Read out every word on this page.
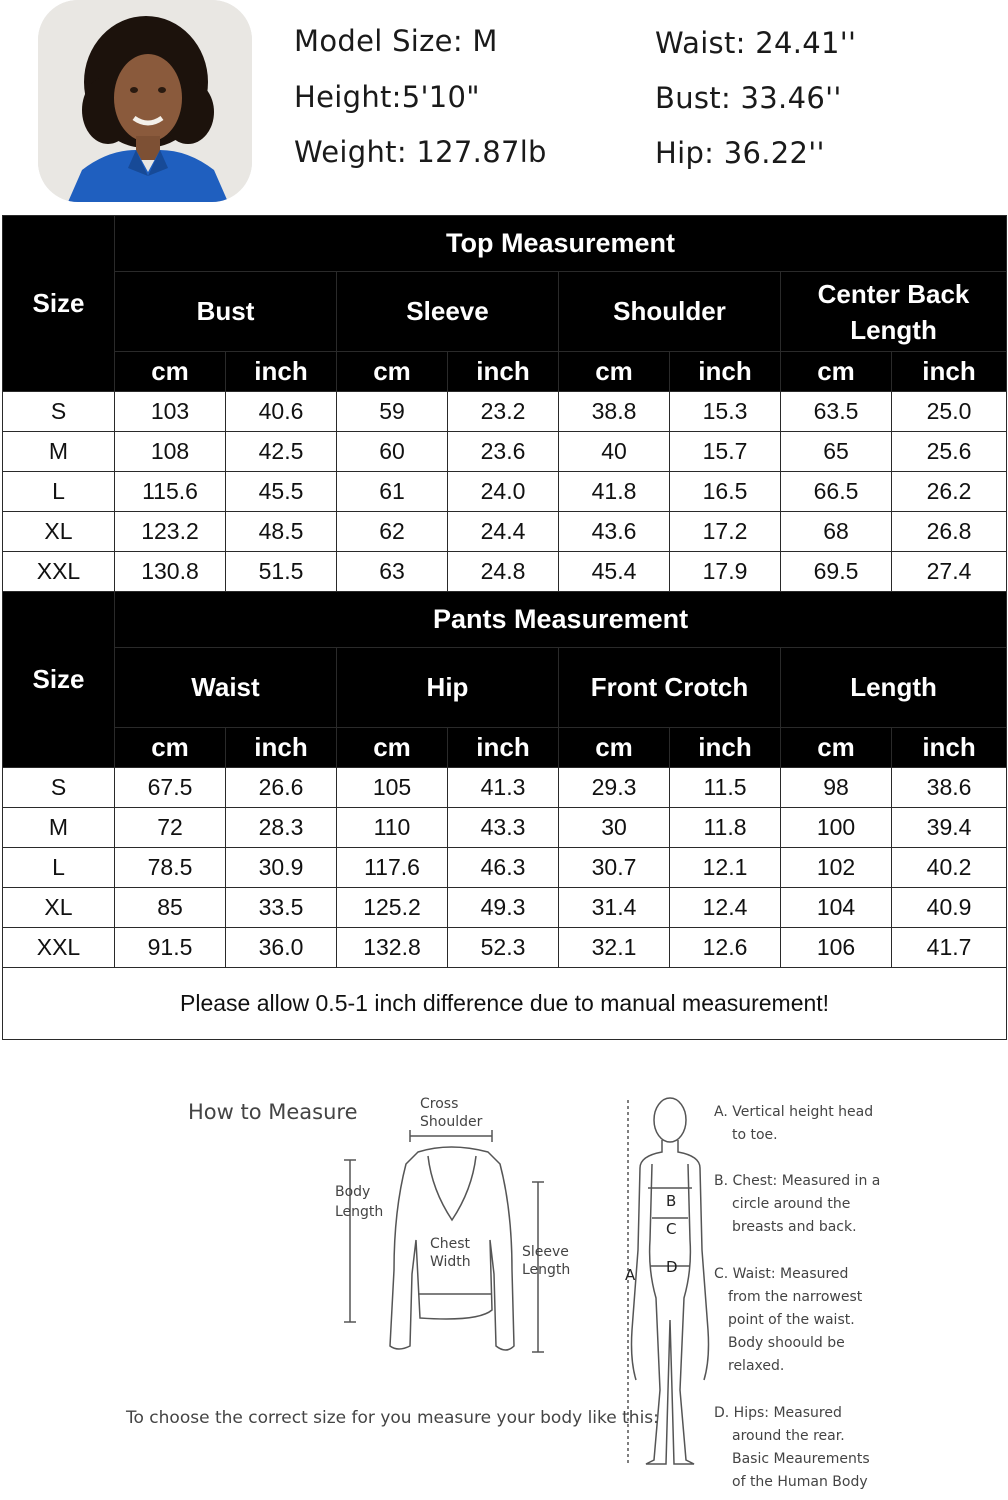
Model Size: M
Height:5'10"
Weight: 127.87lb
Waist: 24.41''
Bust: 33.46''
Hip: 36.22''
Size	Top Measurement							
	Bust		Sleeve		Shoulder		Center Back Length	
	cm	inch	cm	inch	cm	inch	cm	inch
S	103	40.6	59	23.2	38.8	15.3	63.5	25.0
M	108	42.5	60	23.6	40	15.7	65	25.6
L	115.6	45.5	61	24.0	41.8	16.5	66.5	26.2
XL	123.2	48.5	62	24.4	43.6	17.2	68	26.8
XXL	130.8	51.5	63	24.8	45.4	17.9	69.5	27.4
Size	Pants Measurement							
	Waist		Hip		Front Crotch		Length	
	cm	inch	cm	inch	cm	inch	cm	inch
S	67.5	26.6	105	41.3	29.3	11.5	98	38.6
M	72	28.3	110	43.3	30	11.8	100	39.4
L	78.5	30.9	117.6	46.3	30.7	12.1	102	40.2
XL	85	33.5	125.2	49.3	31.4	12.4	104	40.9
XXL	91.5	36.0	132.8	52.3	32.1	12.6	106	41.7
Please allow 0.5-1 inch difference due to manual measurement!								
How to Measure	Cross
Shoulder
Body
Length
Chest
Width
Sleeve
Length
To choose the correct size for you measure your body like this:
A
B
C
D
A. Vertical height head
to toe.
B. Chest: Measured in a
circle around the
breasts and back.
C. Waist: Measured
from the narrowest
point of the waist.
Body shoould be
relaxed.
D. Hips: Measured
around the rear.
Basic Meaurements
of the Human Body
